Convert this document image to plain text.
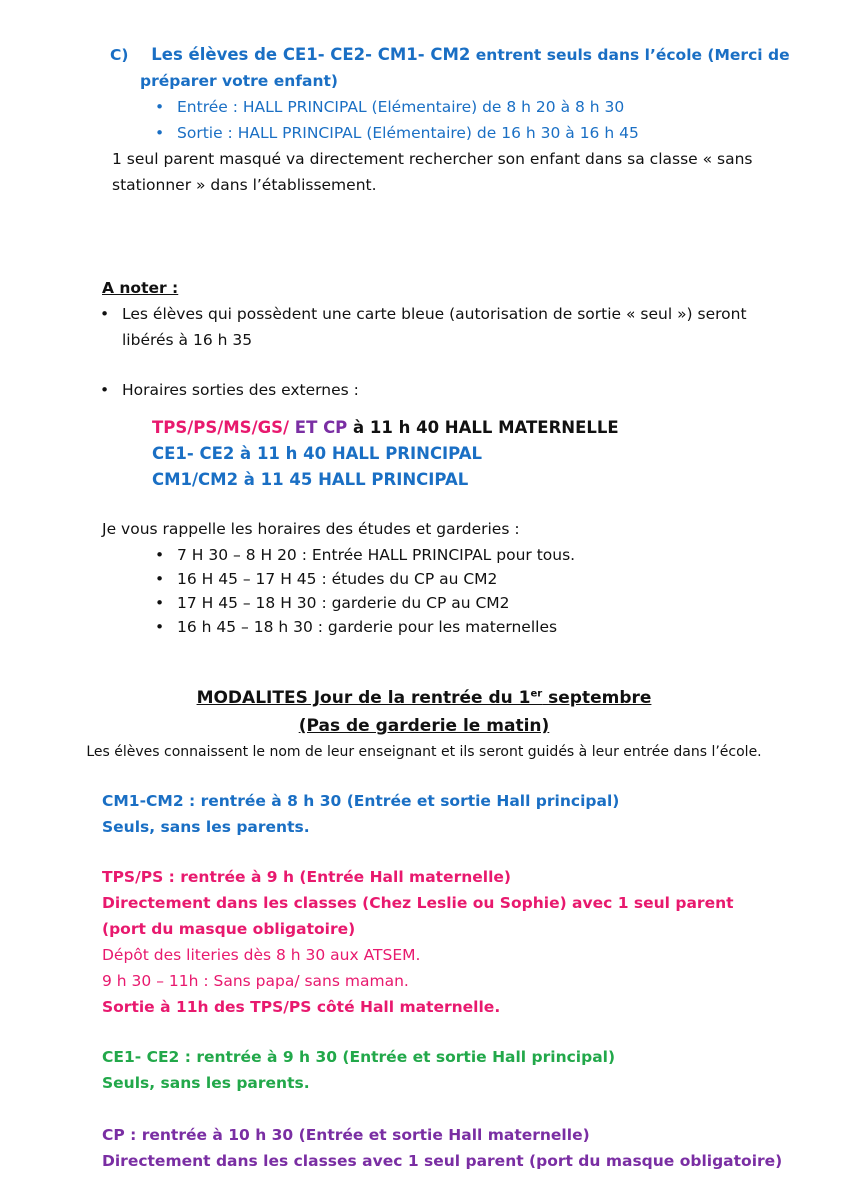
C) Les élèves de CE1- CE2- CM1- CM2 entrent seuls dans l’école (Merci de
préparer votre enfant)
• Entrée : HALL PRINCIPAL (Elémentaire) de 8 h 20 à 8 h 30
• Sortie : HALL PRINCIPAL (Elémentaire) de 16 h 30 à 16 h 45
1 seul parent masqué va directement rechercher son enfant dans sa classe « sans
stationner » dans l’établissement.
A noter :
• Les élèves qui possèdent une carte bleue (autorisation de sortie « seul ») seront
libérés à 16 h 35
• Horaires sorties des externes :
TPS/PS/MS/GS/ ET CP à 11 h 40 HALL MATERNELLE
CE1- CE2 à 11 h 40 HALL PRINCIPAL
CM1/CM2 à 11 45 HALL PRINCIPAL
Je vous rappelle les horaires des études et garderies :
• 7 H 30 – 8 H 20 : Entrée HALL PRINCIPAL pour tous.
• 16 H 45 – 17 H 45 : études du CP au CM2
• 17 H 45 – 18 H 30 : garderie du CP au CM2
• 16 h 45 – 18 h 30 : garderie pour les maternelles
MODALITES Jour de la rentrée du 1er septembre
(Pas de garderie le matin)
Les élèves connaissent le nom de leur enseignant et ils seront guidés à leur entrée dans l’école.
CM1-CM2 : rentrée à 8 h 30 (Entrée et sortie Hall principal)
Seuls, sans les parents.
TPS/PS : rentrée à 9 h (Entrée Hall maternelle)
Directement dans les classes (Chez Leslie ou Sophie) avec 1 seul parent
(port du masque obligatoire)
Dépôt des literies dès 8 h 30 aux ATSEM.
9 h 30 – 11h : Sans papa/ sans maman.
Sortie à 11h des TPS/PS côté Hall maternelle.
CE1- CE2 : rentrée à 9 h 30 (Entrée et sortie Hall principal)
Seuls, sans les parents.
CP : rentrée à 10 h 30 (Entrée et sortie Hall maternelle)
Directement dans les classes avec 1 seul parent (port du masque obligatoire)
